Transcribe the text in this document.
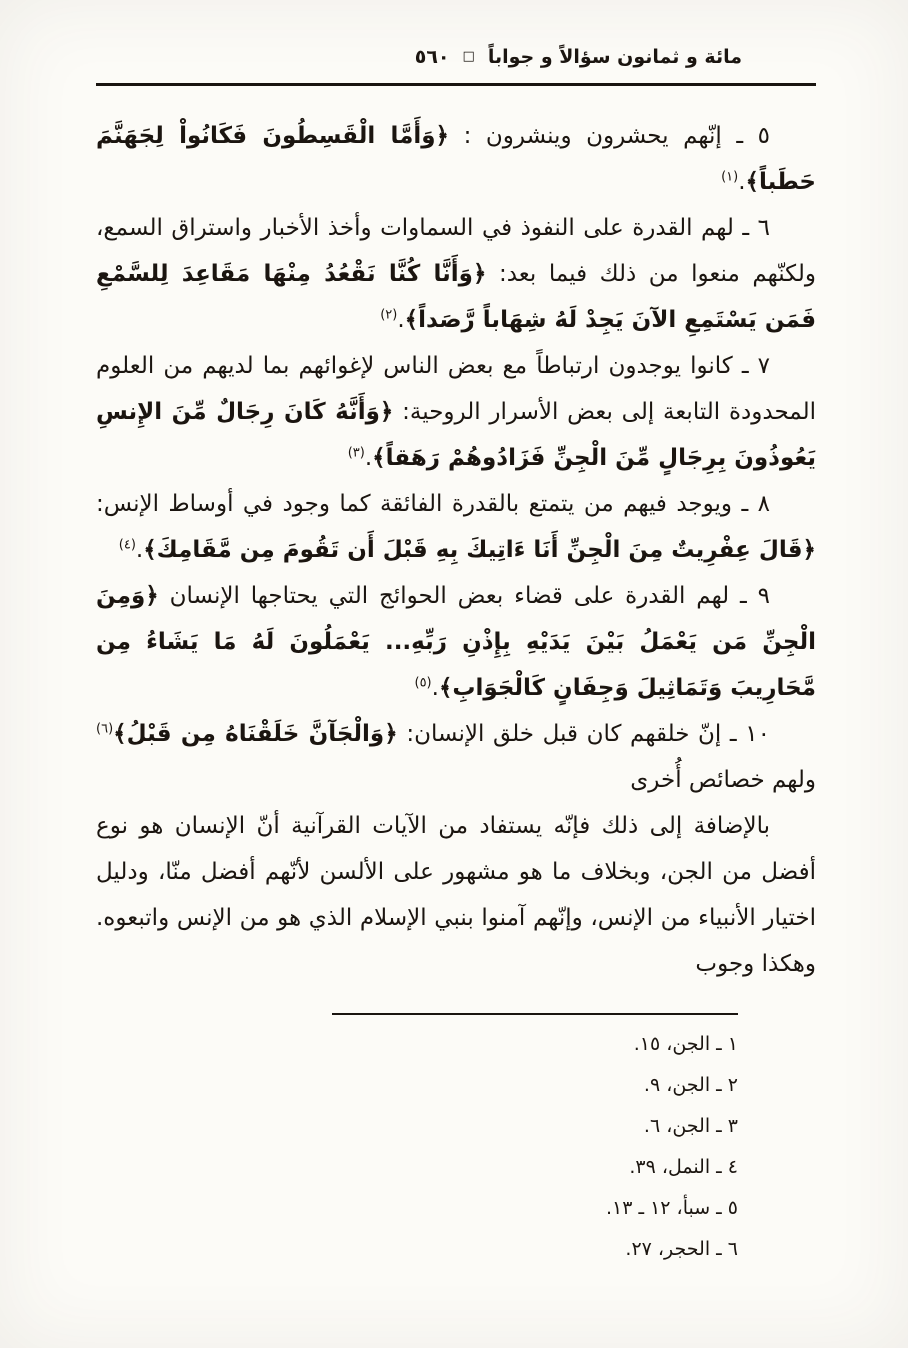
مائة و ثمانون سؤالاً و جواباً
□
٥٦٠

٥ ـ إنّهم يحشرون وينشرون : ﴿وَأَمَّا الْقَسِطُونَ فَكَانُواْ لِجَهَنَّمَ حَطَباً﴾.$^{(١)}$

٦ ـ لهم القدرة على النفوذ في السماوات وأخذ الأخبار واستراق السمع، ولكنّهم منعوا من ذلك فيما بعد: ﴿وَأَنَّا كُنَّا نَقْعُدُ مِنْهَا مَقَاعِدَ لِلسَّمْعِ فَمَن يَسْتَمِعِ الآنَ يَجِدْ لَهُ شِهَاباً رَّصَداً﴾.$^{(٢)}$

٧ ـ كانوا يوجدون ارتباطاً مع بعض الناس لإغوائهم بما لديهم من العلوم المحدودة التابعة إلى بعض الأسرار الروحية: ﴿وَأَنَّهُ كَانَ رِجَالٌ مِّنَ الإِنسِ يَعُوذُونَ بِرِجَالٍ مِّنَ الْجِنِّ فَزَادُوهُمْ رَهَقاً﴾.$^{(٣)}$

٨ ـ ويوجد فيهم من يتمتع بالقدرة الفائقة كما وجود في أوساط الإنس: ﴿قَالَ عِفْرِيتٌ مِنَ الْجِنِّ أَنَا ءَاتِيكَ بِهِ قَبْلَ أَن تَقُومَ مِن مَّقَامِكَ﴾.$^{(٤)}$

٩ ـ لهم القدرة على قضاء بعض الحوائج التي يحتاجها الإنسان ﴿وَمِنَ الْجِنِّ مَن يَعْمَلُ بَيْنَ يَدَيْهِ بِإِذْنِ رَبِّهِ... يَعْمَلُونَ لَهُ مَا يَشَاءُ مِن مَّحَارِيبَ وَتَمَاثِيلَ وَجِفَانٍ كَالْجَوَابِ﴾.$^{(٥)}$

١٠ ـ إنّ خلقهم كان قبل خلق الإنسان: ﴿وَالْجَآنَّ خَلَقْنَاهُ مِن قَبْلُ﴾$^{(٦)}$ ولهم خصائص أُخرى

بالإضافة إلى ذلك فإنّه يستفاد من الآيات القرآنية أنّ الإنسان هو نوع أفضل من الجن، وبخلاف ما هو مشهور على الألسن لأنّهم أفضل منّا، ودليل اختيار الأنبياء من الإنس، وإنّهم آمنوا بنبي الإسلام الذي هو من الإنس واتبعوه. وهكذا وجوب

١ ـ الجن، ١٥.
٢ ـ الجن، ٩.
٣ ـ الجن، ٦.
٤ ـ النمل، ٣٩.
٥ ـ سبأ، ١٢ ـ ١٣.
٦ ـ الحجر، ٢٧.
